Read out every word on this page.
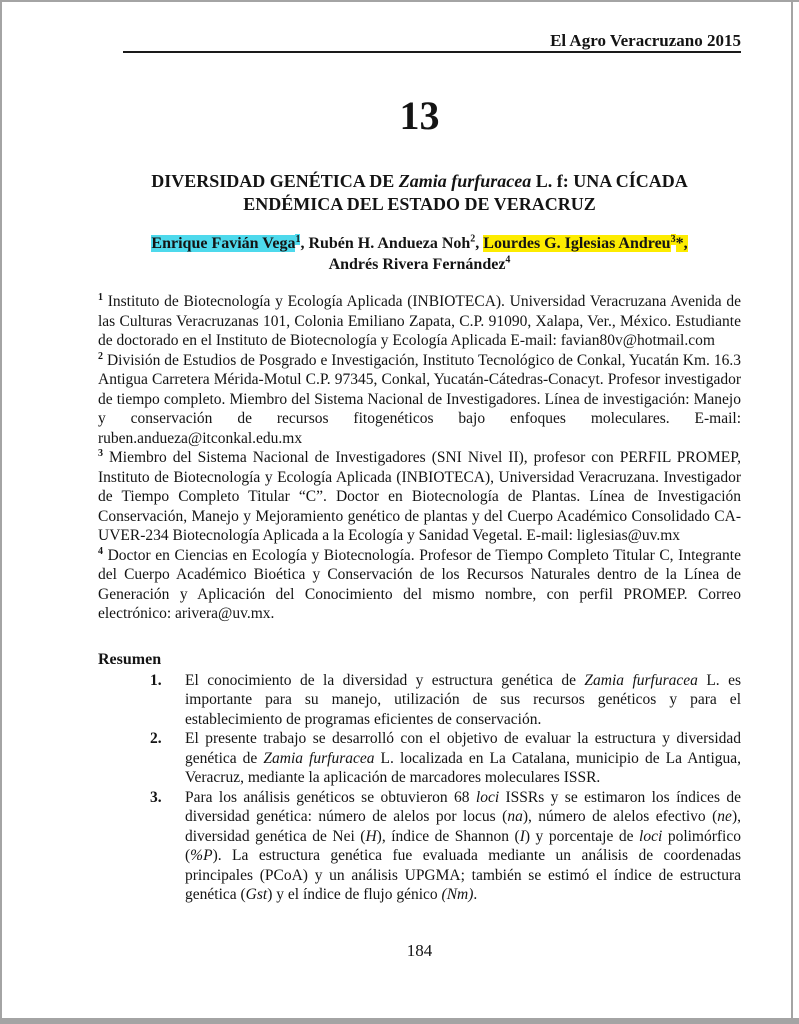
El Agro Veracruzano 2015
13
DIVERSIDAD GENÉTICA DE Zamia furfuracea L. f: UNA CÍCADA
ENDÉMICA DEL ESTADO DE VERACRUZ
Enrique Favián Vega$^1$, Rubén H. Andueza Noh$^2$, Lourdes G. Iglesias Andreu$^3$*,
Andrés Rivera Fernández$^4$

$^1$ Instituto de Biotecnología y Ecología Aplicada (INBIOTECA). Universidad Veracruzana Avenida de las Culturas Veracruzanas 101, Colonia Emiliano Zapata, C.P. 91090, Xalapa, Ver., México. Estudiante de doctorado en el Instituto de Biotecnología y Ecología Aplicada E-mail: favian80v@hotmail.com

$^2$ División de Estudios de Posgrado e Investigación, Instituto Tecnológico de Conkal, Yucatán Km. 16.3 Antigua Carretera Mérida-Motul C.P. 97345, Conkal, Yucatán-Cátedras-Conacyt. Profesor investigador de tiempo completo. Miembro del Sistema Nacional de Investigadores. Línea de investigación: Manejo y conservación de recursos fitogenéticos bajo enfoques moleculares. E-mail: ruben.andueza@itconkal.edu.mx

$^3$ Miembro del Sistema Nacional de Investigadores (SNI Nivel II), profesor con PERFIL PROMEP, Instituto de Biotecnología y Ecología Aplicada (INBIOTECA), Universidad Veracruzana. Investigador de Tiempo Completo Titular “C”. Doctor en Biotecnología de Plantas. Línea de Investigación Conservación, Manejo y Mejoramiento genético de plantas y del Cuerpo Académico Consolidado CA-UVER-234 Biotecnología Aplicada a la Ecología y Sanidad Vegetal. E-mail: liglesias@uv.mx

$^4$ Doctor en Ciencias en Ecología y Biotecnología. Profesor de Tiempo Completo Titular C, Integrante del Cuerpo Académico Bioética y Conservación de los Recursos Naturales dentro de la Línea de Generación y Aplicación del Conocimiento del mismo nombre, con perfil PROMEP. Correo electrónico: arivera@uv.mx.

Resumen
1. El conocimiento de la diversidad y estructura genética de Zamia furfuracea L. es importante para su manejo, utilización de sus recursos genéticos y para el establecimiento de programas eficientes de conservación.
2. El presente trabajo se desarrolló con el objetivo de evaluar la estructura y diversidad genética de Zamia furfuracea L. localizada en La Catalana, municipio de La Antigua, Veracruz, mediante la aplicación de marcadores moleculares ISSR.
3. Para los análisis genéticos se obtuvieron 68 loci ISSRs y se estimaron los índices de diversidad genética: número de alelos por locus (na), número de alelos efectivo (ne), diversidad genética de Nei (H), índice de Shannon (I) y porcentaje de loci polimórfico (%P). La estructura genética fue evaluada mediante un análisis de coordenadas principales (PCoA) y un análisis UPGMA; también se estimó el índice de estructura genética (Gst) y el índice de flujo génico (Nm).
184
